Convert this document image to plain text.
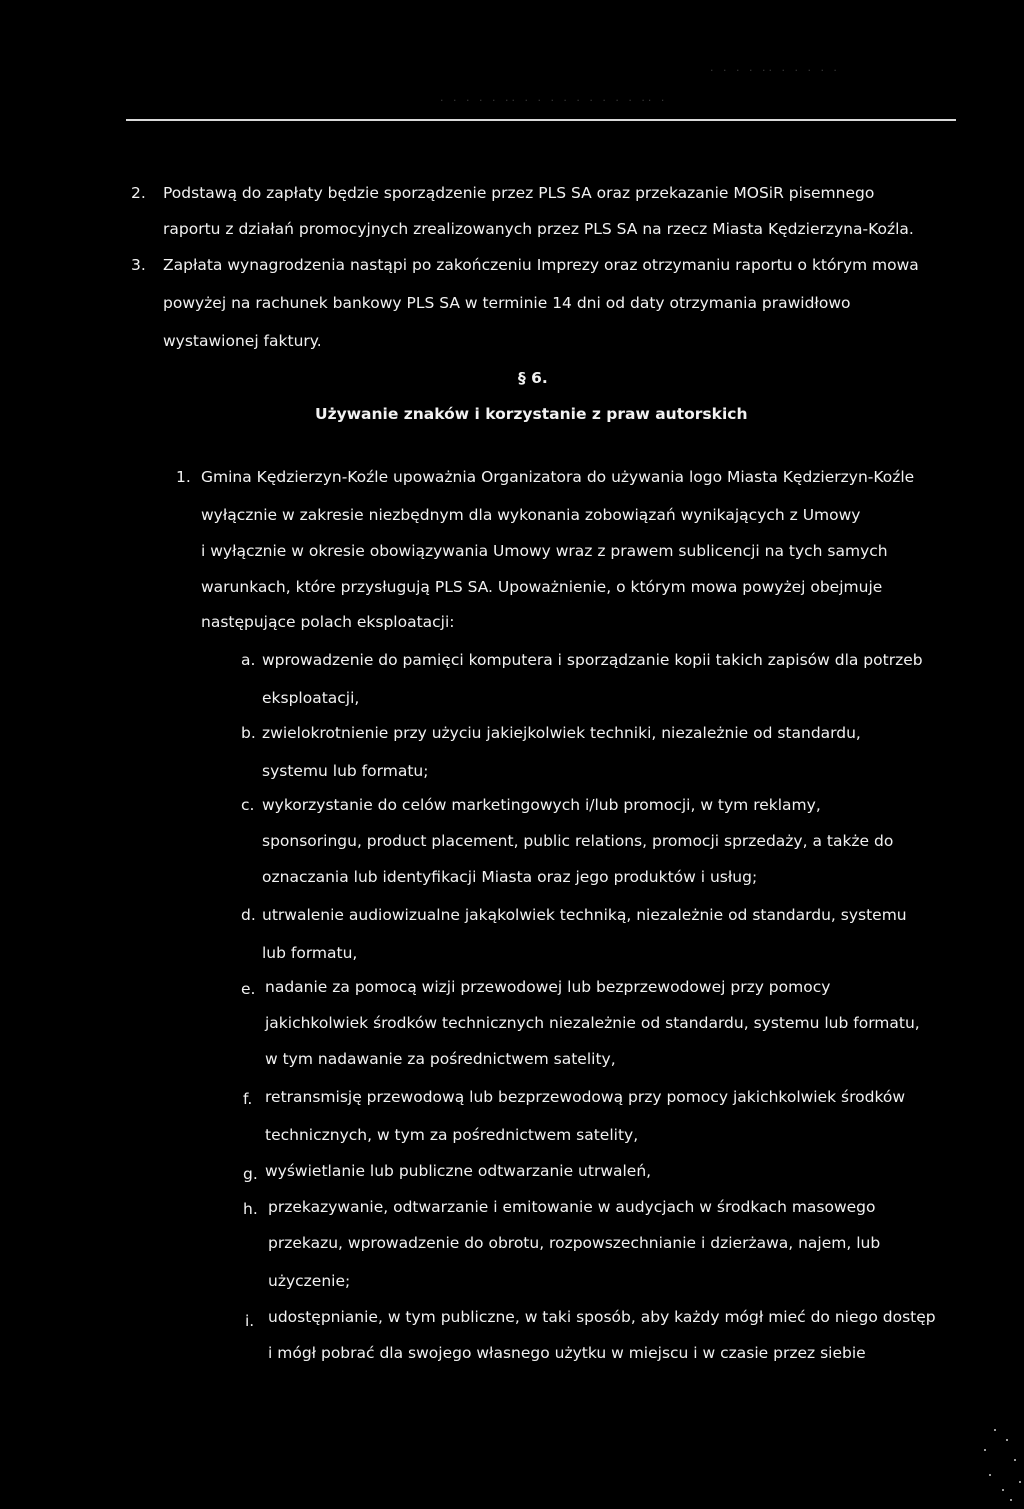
· · · · ·· · · · · ·
· · · · · ·· · · · · · · · · · ·· ·
2. Podstawą do zapłaty będzie sporządzenie przez PLS SA oraz przekazanie MOSiR pisemnego
raportu z działań promocyjnych zrealizowanych przez PLS SA na rzecz Miasta Kędzierzyna-Koźla.
3. Zapłata wynagrodzenia nastąpi po zakończeniu Imprezy oraz otrzymaniu raportu o którym mowa
powyżej na rachunek bankowy PLS SA w terminie 14 dni od daty otrzymania prawidłowo
wystawionej faktury.
§ 6.
Używanie znaków i korzystanie z praw autorskich
1. Gmina Kędzierzyn-Koźle upoważnia Organizatora do używania logo Miasta Kędzierzyn-Koźle
wyłącznie w zakresie niezbędnym dla wykonania zobowiązań wynikających z Umowy
i wyłącznie w okresie obowiązywania Umowy wraz z prawem sublicencji na tych samych
warunkach, które przysługują PLS SA. Upoważnienie, o którym mowa powyżej obejmuje
następujące polach eksploatacji:
a. wprowadzenie do pamięci komputera i sporządzanie kopii takich zapisów dla potrzeb
eksploatacji,
b. zwielokrotnienie przy użyciu jakiejkolwiek techniki, niezależnie od standardu,
systemu lub formatu;
c. wykorzystanie do celów marketingowych i/lub promocji, w tym reklamy,
sponsoringu, product placement, public relations, promocji sprzedaży, a także do
oznaczania lub identyfikacji Miasta oraz jego produktów i usług;
d. utrwalenie audiowizualne jakąkolwiek techniką, niezależnie od standardu, systemu
lub formatu,
e. nadanie za pomocą wizji przewodowej lub bezprzewodowej przy pomocy
jakichkolwiek środków technicznych niezależnie od standardu, systemu lub formatu,
w tym nadawanie za pośrednictwem satelity,
f. retransmisję przewodową lub bezprzewodową przy pomocy jakichkolwiek środków
technicznych, w tym za pośrednictwem satelity,
g. wyświetlanie lub publiczne odtwarzanie utrwaleń,
h. przekazywanie, odtwarzanie i emitowanie w audycjach w środkach masowego
przekazu, wprowadzenie do obrotu, rozpowszechnianie i dzierżawa, najem, lub
użyczenie;
i. udostępnianie, w tym publiczne, w taki sposób, aby każdy mógł mieć do niego dostęp
i mógł pobrać dla swojego własnego użytku w miejscu i w czasie przez siebie
